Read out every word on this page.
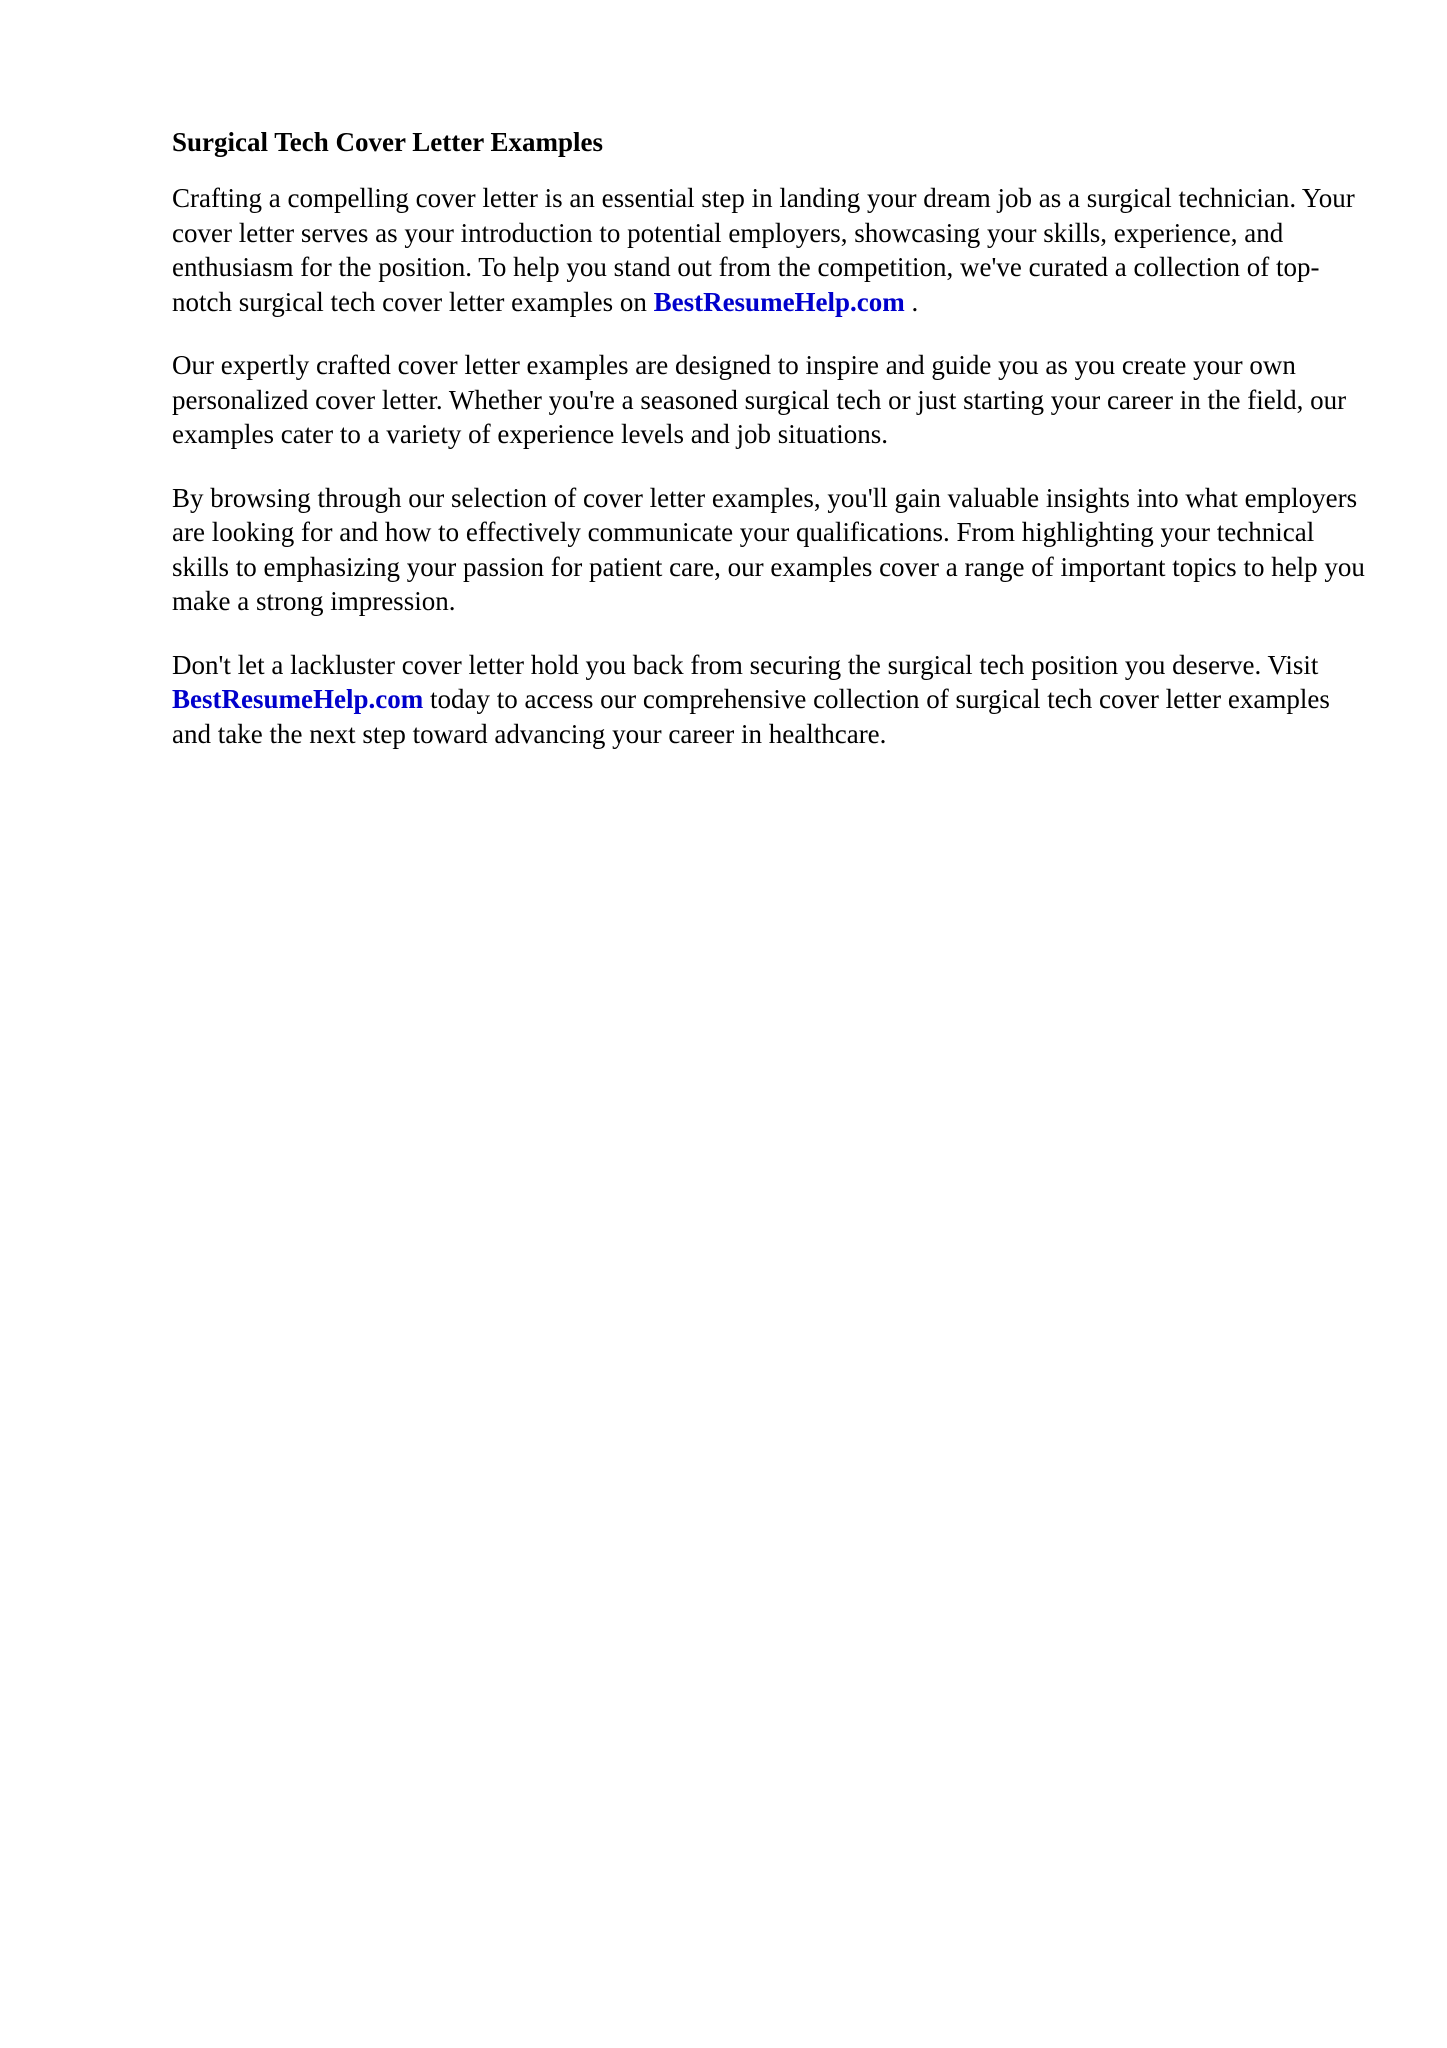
Surgical Tech Cover Letter Examples

Crafting a compelling cover letter is an essential step in landing your dream job as a surgical technician. Your cover letter serves as your introduction to potential employers, showcasing your skills, experience, and enthusiasm for the position. To help you stand out from the competition, we've curated a collection of top-notch surgical tech cover letter examples on BestResumeHelp.com .

Our expertly crafted cover letter examples are designed to inspire and guide you as you create your own personalized cover letter. Whether you're a seasoned surgical tech or just starting your career in the field, our examples cater to a variety of experience levels and job situations.

By browsing through our selection of cover letter examples, you'll gain valuable insights into what employers are looking for and how to effectively communicate your qualifications. From highlighting your technical skills to emphasizing your passion for patient care, our examples cover a range of important topics to help you make a strong impression.

Don't let a lackluster cover letter hold you back from securing the surgical tech position you deserve. Visit BestResumeHelp.com today to access our comprehensive collection of surgical tech cover letter examples and take the next step toward advancing your career in healthcare.
